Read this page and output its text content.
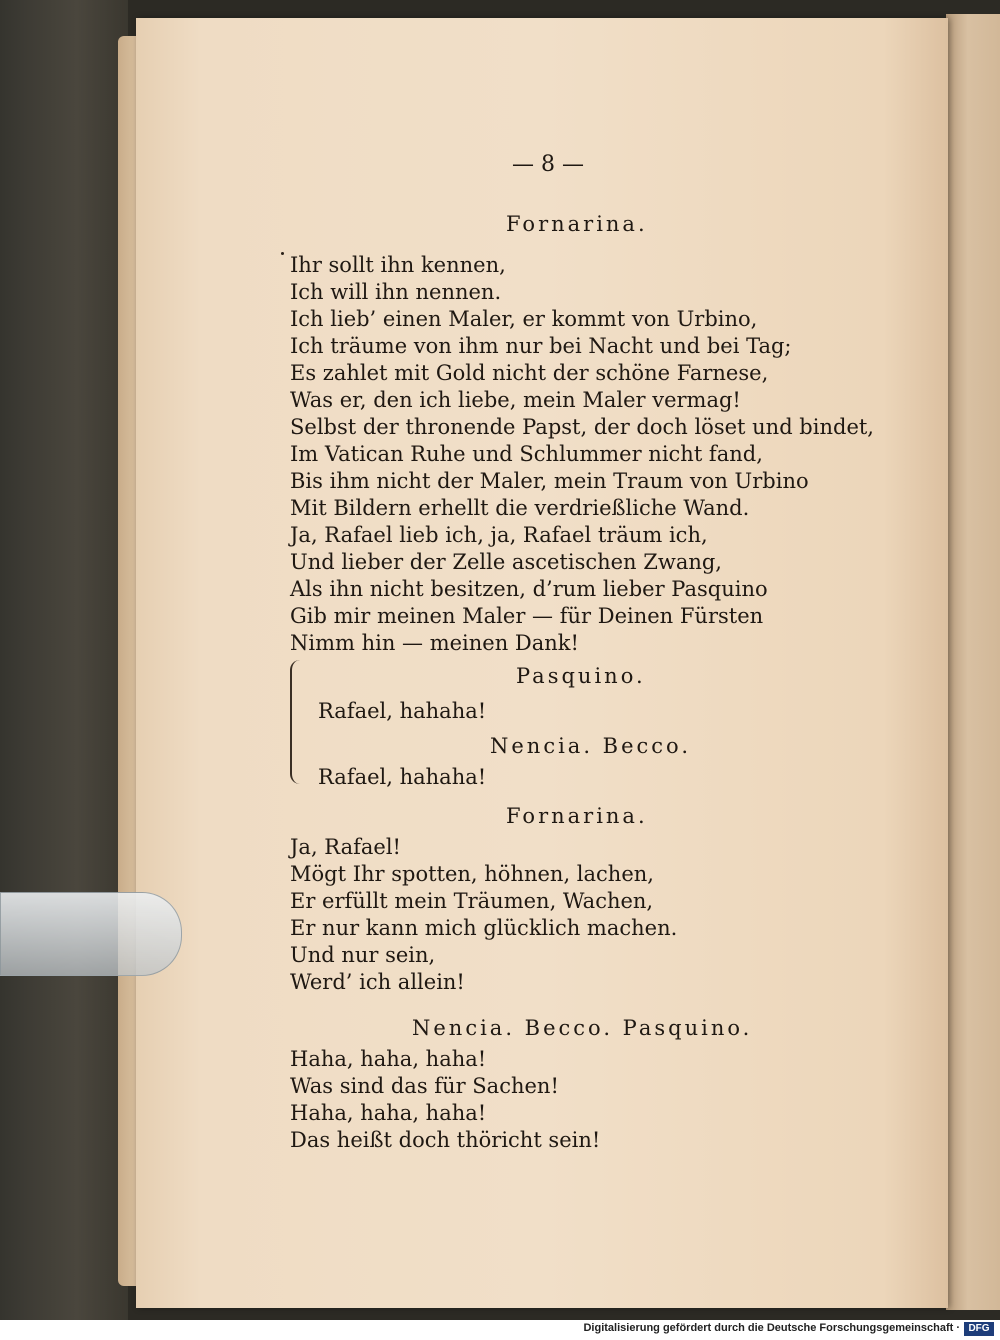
— 8 —
Fornarina.
Ihr sollt ihn kennen,
Ich will ihn nennen.
Ich lieb’ einen Maler, er kommt von Urbino,
Ich träume von ihm nur bei Nacht und bei Tag;
Es zahlet mit Gold nicht der schöne Farnese,
Was er, den ich liebe, mein Maler vermag!
Selbst der thronende Papst, der doch löset und bindet,
Im Vatican Ruhe und Schlummer nicht fand,
Bis ihm nicht der Maler, mein Traum von Urbino
Mit Bildern erhellt die verdrießliche Wand.
Ja, Rafael lieb ich, ja, Rafael träum ich,
Und lieber der Zelle ascetischen Zwang,
Als ihn nicht besitzen, d’rum lieber Pasquino
Gib mir meinen Maler — für Deinen Fürsten
Nimm hin — meinen Dank!
Pasquino.
Rafael, hahaha!
Nencia. Becco.
Rafael, hahaha!
Fornarina.
Ja, Rafael!
Mögt Ihr spotten, höhnen, lachen,
Er erfüllt mein Träumen, Wachen,
Er nur kann mich glücklich machen.
Und nur sein,
Werd’ ich allein!
Nencia. Becco. Pasquino.
Haha, haha, haha!
Was sind das für Sachen!
Haha, haha, haha!
Das heißt doch thöricht sein!
Digitalisierung gefördert durch die Deutsche Forschungsgemeinschaft · DFG
